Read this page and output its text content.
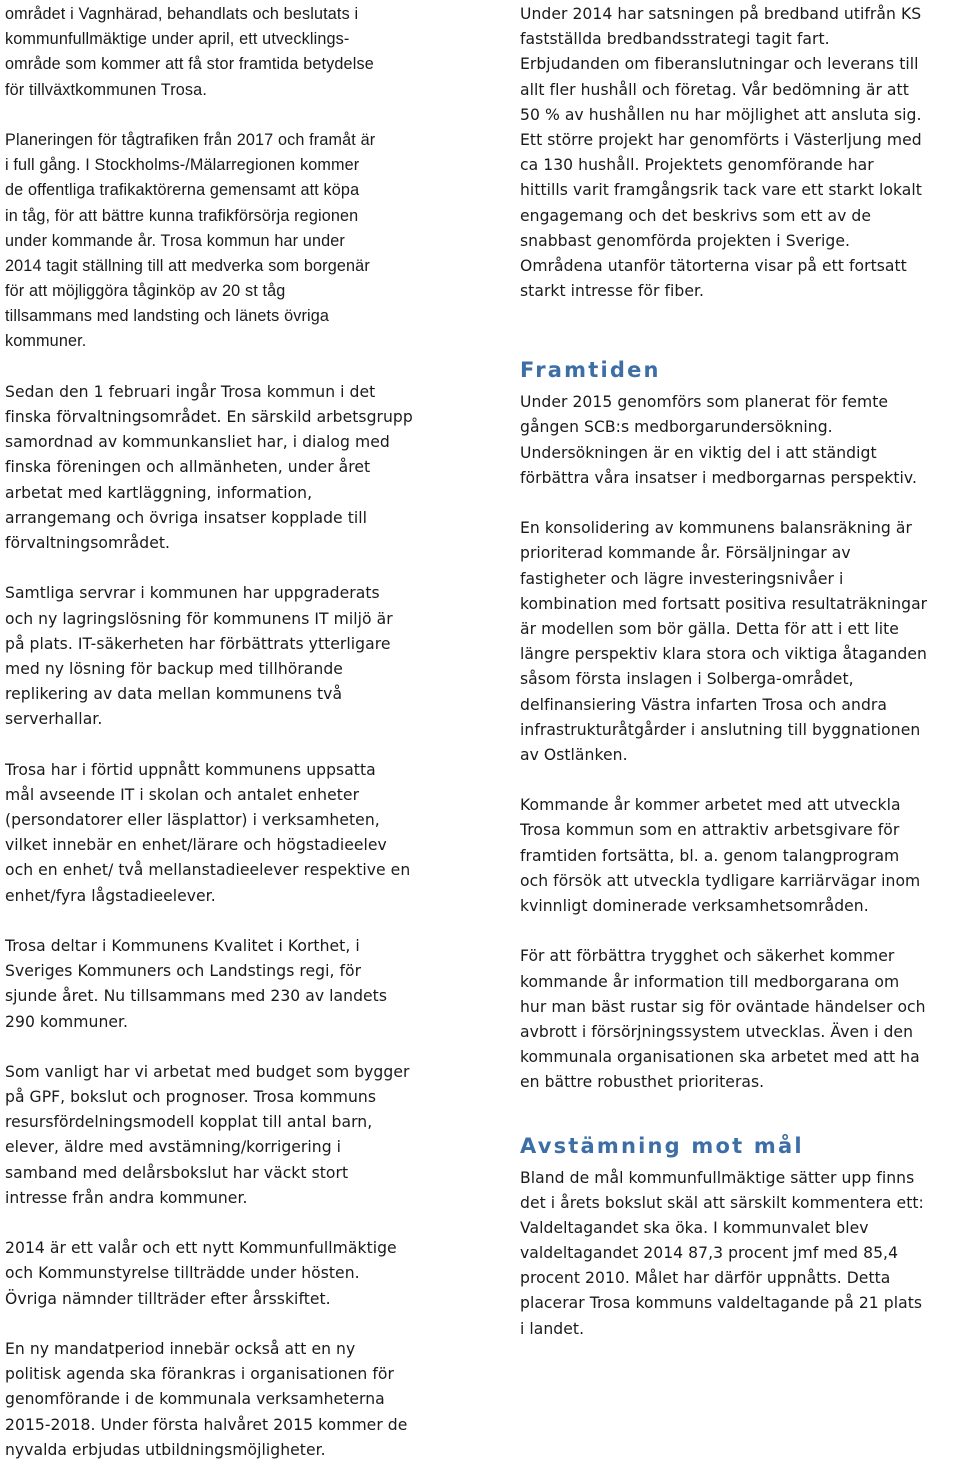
området i Vagnhärad, behandlats och beslutats i
kommunfullmäktige under april, ett utvecklings-
område som kommer att få stor framtida betydelse
för tillväxtkommunen Trosa.
Planeringen för tågtrafiken från 2017 och framåt är
i full gång. I Stockholms-/Mälarregionen kommer
de offentliga trafikaktörerna gemensamt att köpa
in tåg, för att bättre kunna trafikförsörja regionen
under kommande år. Trosa kommun har under
2014 tagit ställning till att medverka som borgenär
för att möjliggöra tåginköp av 20 st tåg
tillsammans med landsting och länets övriga
kommuner.
Sedan den 1 februari ingår Trosa kommun i det
finska förvaltningsområdet. En särskild arbetsgrupp
samordnad av kommunkansliet har, i dialog med
finska föreningen och allmänheten, under året
arbetat med kartläggning, information,
arrangemang och övriga insatser kopplade till
förvaltningsområdet.
Samtliga servrar i kommunen har uppgraderats
och ny lagringslösning för kommunens IT miljö är
på plats. IT-säkerheten har förbättrats ytterligare
med ny lösning för backup med tillhörande
replikering av data mellan kommunens två
serverhallar.
Trosa har i förtid uppnått kommunens uppsatta
mål avseende IT i skolan och antalet enheter
(persondatorer eller läsplattor) i verksamheten,
vilket innebär en enhet/lärare och högstadieelev
och en enhet/ två mellanstadieelever respektive en
enhet/fyra lågstadieelever.
Trosa deltar i Kommunens Kvalitet i Korthet, i
Sveriges Kommuners och Landstings regi, för
sjunde året. Nu tillsammans med 230 av landets
290 kommuner.
Som vanligt har vi arbetat med budget som bygger
på GPF, bokslut och prognoser. Trosa kommuns
resursfördelningsmodell kopplat till antal barn,
elever, äldre med avstämning/korrigering i
samband med delårsbokslut har väckt stort
intresse från andra kommuner.
2014 är ett valår och ett nytt Kommunfullmäktige
och Kommunstyrelse tillträdde under hösten.
Övriga nämnder tillträder efter årsskiftet.
En ny mandatperiod innebär också att en ny
politisk agenda ska förankras i organisationen för
genomförande i de kommunala verksamheterna
2015-2018. Under första halvåret 2015 kommer de
nyvalda erbjudas utbildningsmöjligheter.
Under 2014 har satsningen på bredband utifrån KS
fastställda bredbandsstrategi tagit fart.
Erbjudanden om fiberanslutningar och leverans till
allt fler hushåll och företag. Vår bedömning är att
50 % av hushållen nu har möjlighet att ansluta sig.
Ett större projekt har genomförts i Västerljung med
ca 130 hushåll. Projektets genomförande har
hittills varit framgångsrik tack vare ett starkt lokalt
engagemang och det beskrivs som ett av de
snabbast genomförda projekten i Sverige.
Områdena utanför tätorterna visar på ett fortsatt
starkt intresse för fiber.
Framtiden
Under 2015 genomförs som planerat för femte
gången SCB:s medborgarundersökning.
Undersökningen är en viktig del i att ständigt
förbättra våra insatser i medborgarnas perspektiv.
En konsolidering av kommunens balansräkning är
prioriterad kommande år. Försäljningar av
fastigheter och lägre investeringsnivåer i
kombination med fortsatt positiva resultaträkningar
är modellen som bör gälla. Detta för att i ett lite
längre perspektiv klara stora och viktiga åtaganden
såsom första inslagen i Solberga-området,
delfinansiering Västra infarten Trosa och andra
infrastrukturåtgårder i anslutning till byggnationen
av Ostlänken.
Kommande år kommer arbetet med att utveckla
Trosa kommun som en attraktiv arbetsgivare för
framtiden fortsätta, bl. a. genom talangprogram
och försök att utveckla tydligare karriärvägar inom
kvinnligt dominerade verksamhetsområden.
För att förbättra trygghet och säkerhet kommer
kommande år information till medborgarana om
hur man bäst rustar sig för oväntade händelser och
avbrott i försörjningssystem utvecklas. Även i den
kommunala organisationen ska arbetet med att ha
en bättre robusthet prioriteras.
Avstämning mot mål
Bland de mål kommunfullmäktige sätter upp finns
det i årets bokslut skäl att särskilt kommentera ett:
Valdeltagandet ska öka. I kommunvalet blev
valdeltagandet 2014 87,3 procent jmf med 85,4
procent 2010. Målet har därför uppnåtts. Detta
placerar Trosa kommuns valdeltagande på 21 plats
i landet.
